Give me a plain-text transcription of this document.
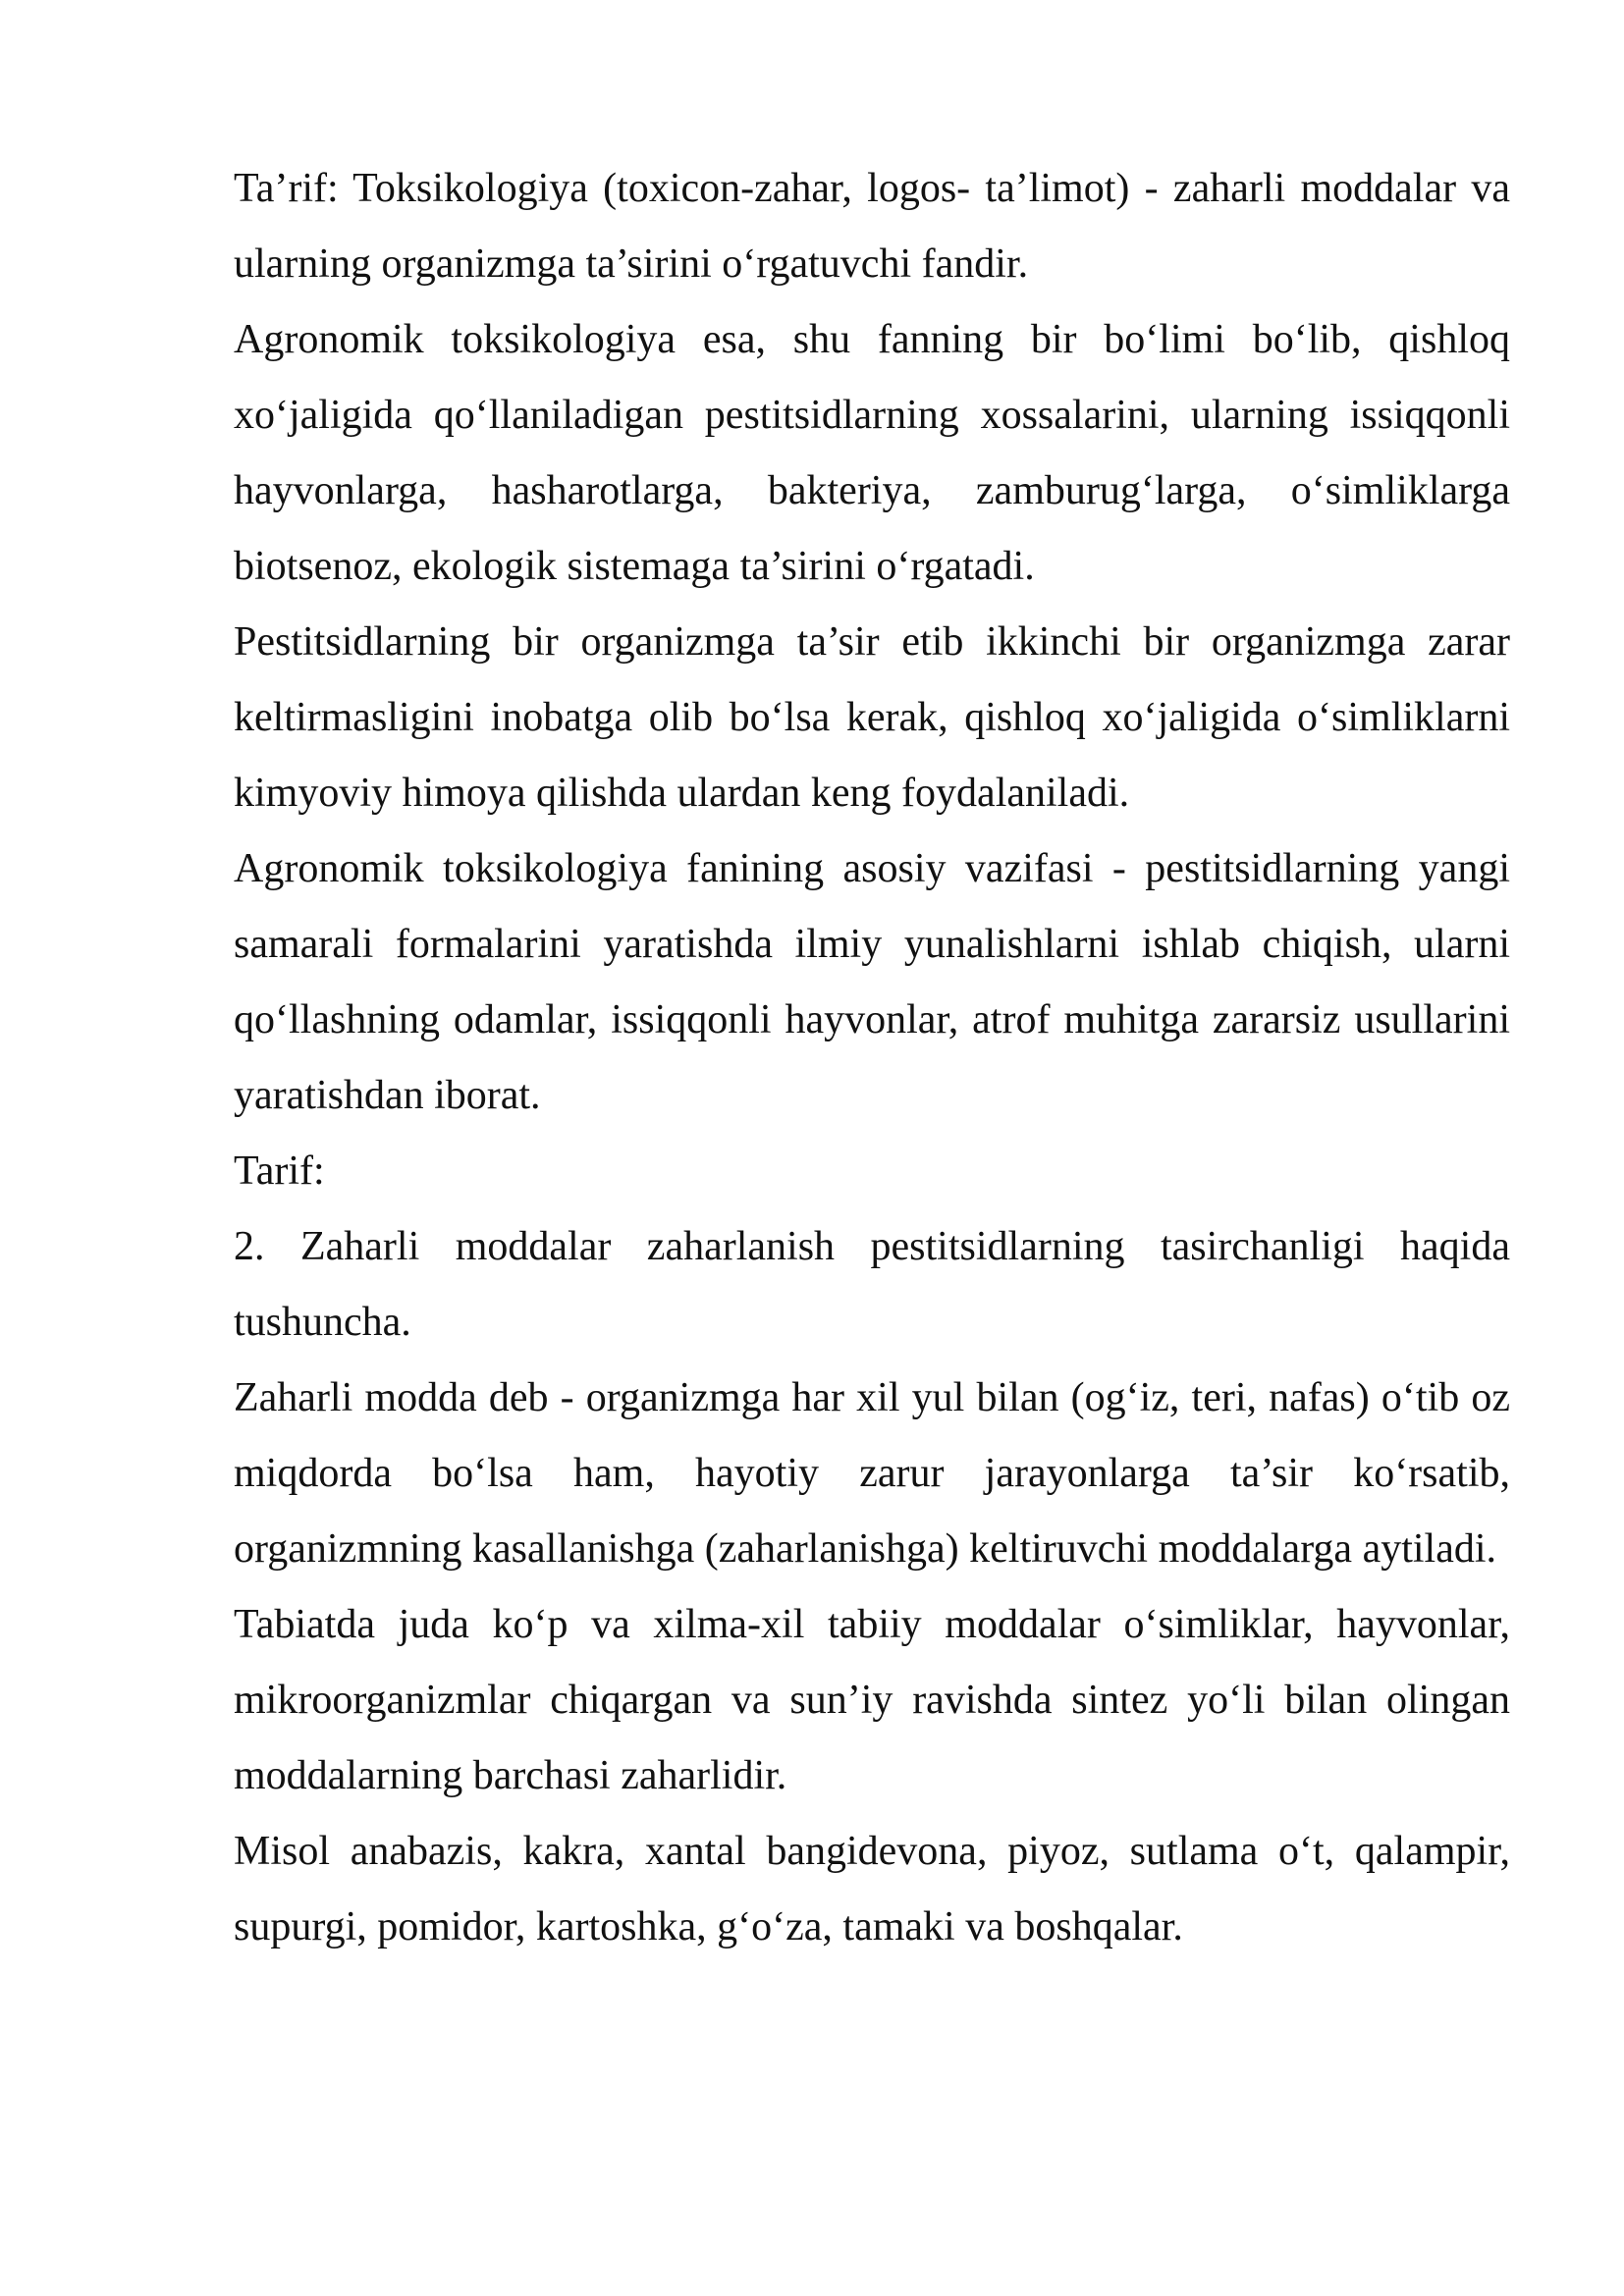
Ta’rif: Toksikologiya (toxicon-zahar, logos- ta’limot) - zaharli moddalar va ularning organizmga ta’sirini o‘rgatuvchi fandir.

Agronomik toksikologiya esa, shu fanning bir bo‘limi bo‘lib, qishloq xo‘jaligida qo‘llaniladigan pestitsidlarning xossalarini, ularning issiqqonli hayvonlarga, hasharotlarga, bakteriya, zamburug‘larga, o‘simliklarga biotsenoz, ekologik sistemaga ta’sirini o‘rgatadi.

Pestitsidlarning bir organizmga ta’sir etib ikkinchi bir organizmga zarar keltirmasligini inobatga olib bo‘lsa kerak, qishloq xo‘jaligida o‘simliklarni kimyoviy himoya qilishda ulardan keng foydalaniladi.

Agronomik toksikologiya fanining asosiy vazifasi - pestitsidlarning yangi samarali formalarini yaratishda ilmiy yunalishlarni ishlab chiqish, ularni qo‘llashning odamlar, issiqqonli hayvonlar, atrof muhitga zararsiz usullarini yaratishdan iborat.

Tarif:

2. Zaharli moddalar zaharlanish pestitsidlarning tasirchanligi haqida tushuncha.

Zaharli modda deb - organizmga har xil yul bilan (og‘iz, teri, nafas) o‘tib oz miqdorda bo‘lsa ham, hayotiy zarur jarayonlarga ta’sir ko‘rsatib, organizmning kasallanishga (zaharlanishga) keltiruvchi moddalarga aytiladi.

Tabiatda juda ko‘p va xilma-xil tabiiy moddalar o‘simliklar, hayvonlar, mikroorganizmlar chiqargan va sun’iy ravishda sintez yo‘li bilan olingan moddalarning barchasi zaharlidir.

Misol anabazis, kakra, xantal bangidevona, piyoz, sutlama o‘t, qalampir, supurgi, pomidor, kartoshka, g‘o‘za, tamaki va boshqalar.
